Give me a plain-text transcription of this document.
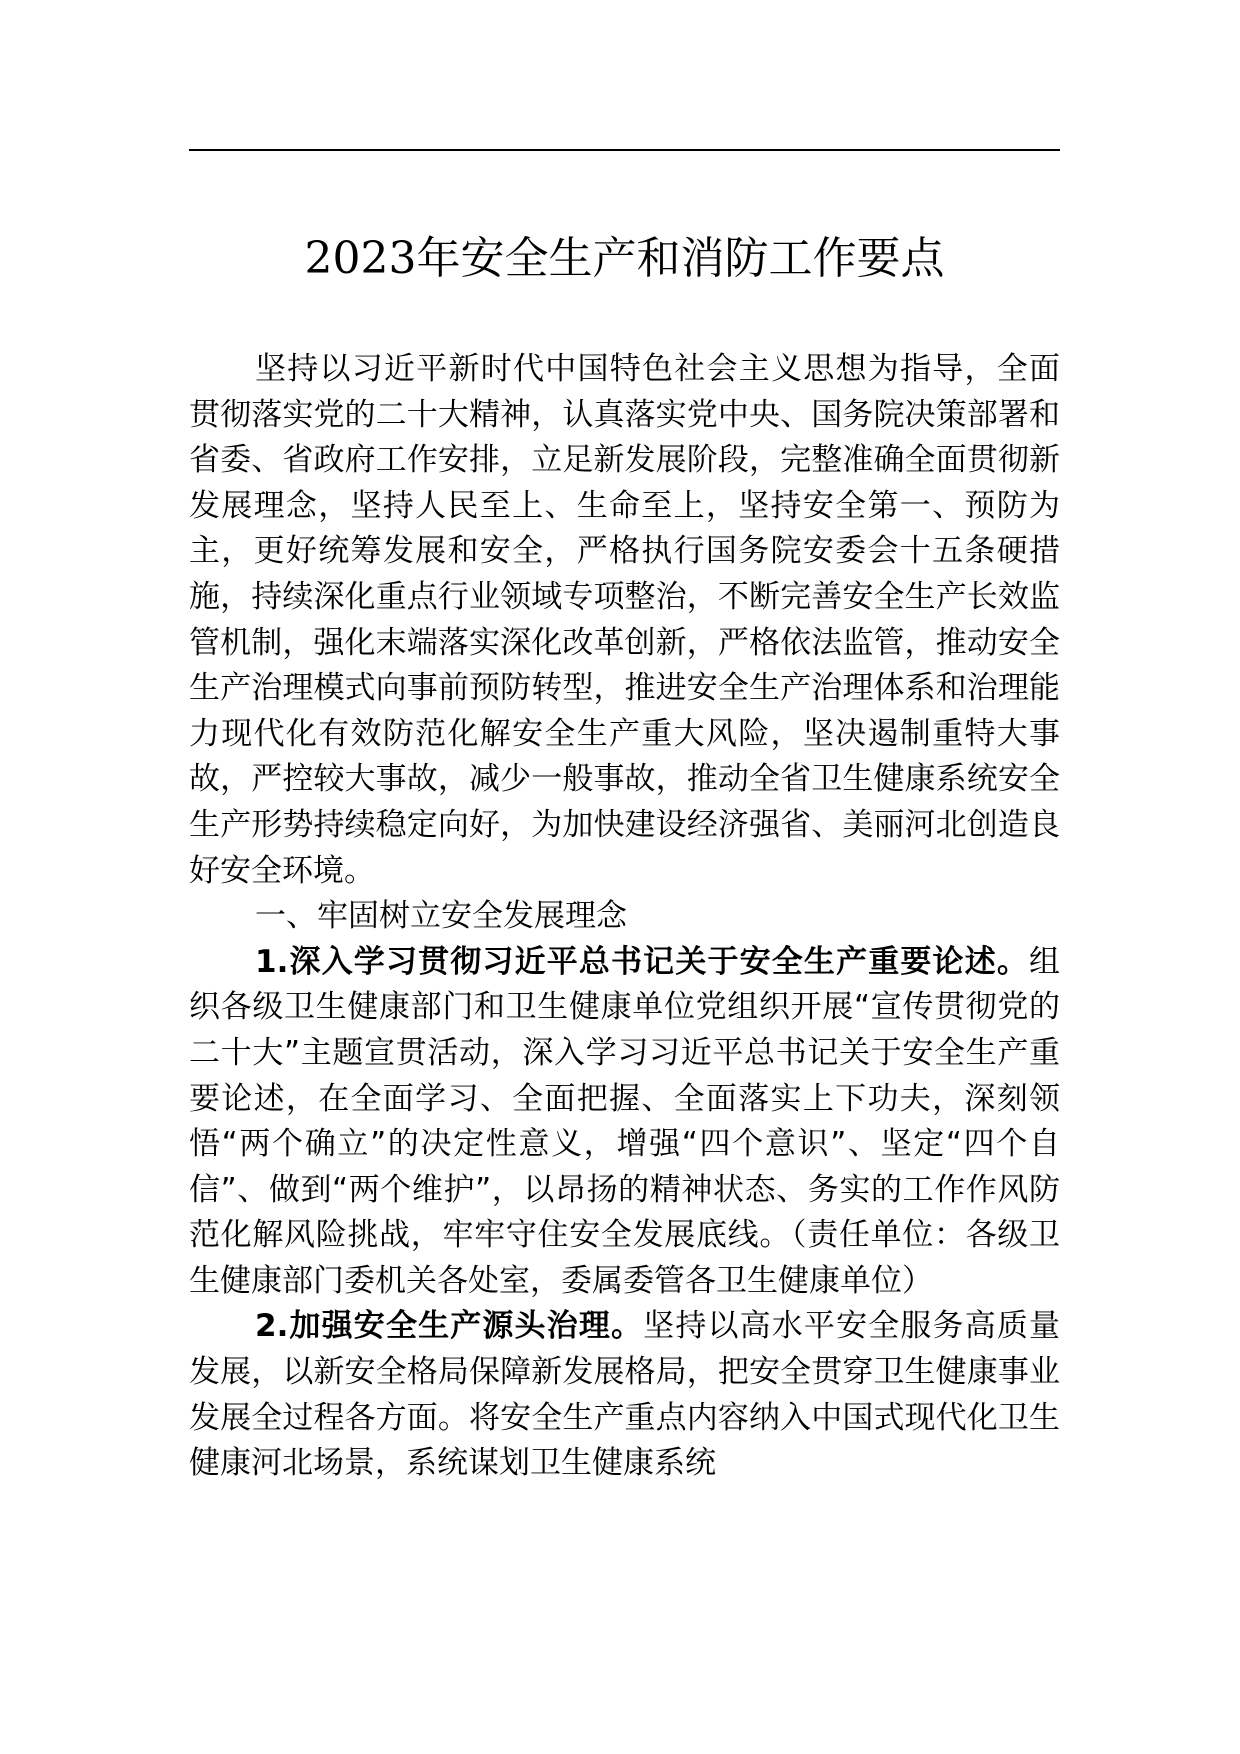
2023年安全生产和消防工作要点

坚持以习近平新时代中国特色社会主义思想为指导，全面贯彻落实党的二十大精神，认真落实党中央、国务院决策部署和省委、省政府工作安排，立足新发展阶段，完整准确全面贯彻新发展理念，坚持人民至上、生命至上，坚持安全第一、预防为主，更好统筹发展和安全，严格执行国务院安委会十五条硬措施，持续深化重点行业领域专项整治，不断完善安全生产长效监管机制，强化末端落实深化改革创新，严格依法监管，推动安全生产治理模式向事前预防转型，推进安全生产治理体系和治理能力现代化有效防范化解安全生产重大风险，坚决遏制重特大事故，严控较大事故，减少一般事故，推动全省卫生健康系统安全生产形势持续稳定向好，为加快建设经济强省、美丽河北创造良好安全环境。

一、牢固树立安全发展理念

1.深入学习贯彻习近平总书记关于安全生产重要论述。组织各级卫生健康部门和卫生健康单位党组织开展“宣传贯彻党的二十大”主题宣贯活动，深入学习习近平总书记关于安全生产重要论述，在全面学习、全面把握、全面落实上下功夫，深刻领悟“两个确立”的决定性意义，增强“四个意识”、坚定“四个自信”、做到“两个维护”，以昂扬的精神状态、务实的工作作风防范化解风险挑战，牢牢守住安全发展底线。（责任单位：各级卫生健康部门委机关各处室，委属委管各卫生健康单位）

2.加强安全生产源头治理。坚持以高水平安全服务高质量发展，以新安全格局保障新发展格局，把安全贯穿卫生健康事业发展全过程各方面。将安全生产重点内容纳入中国式现代化卫生健康河北场景，系统谋划卫生健康系统
